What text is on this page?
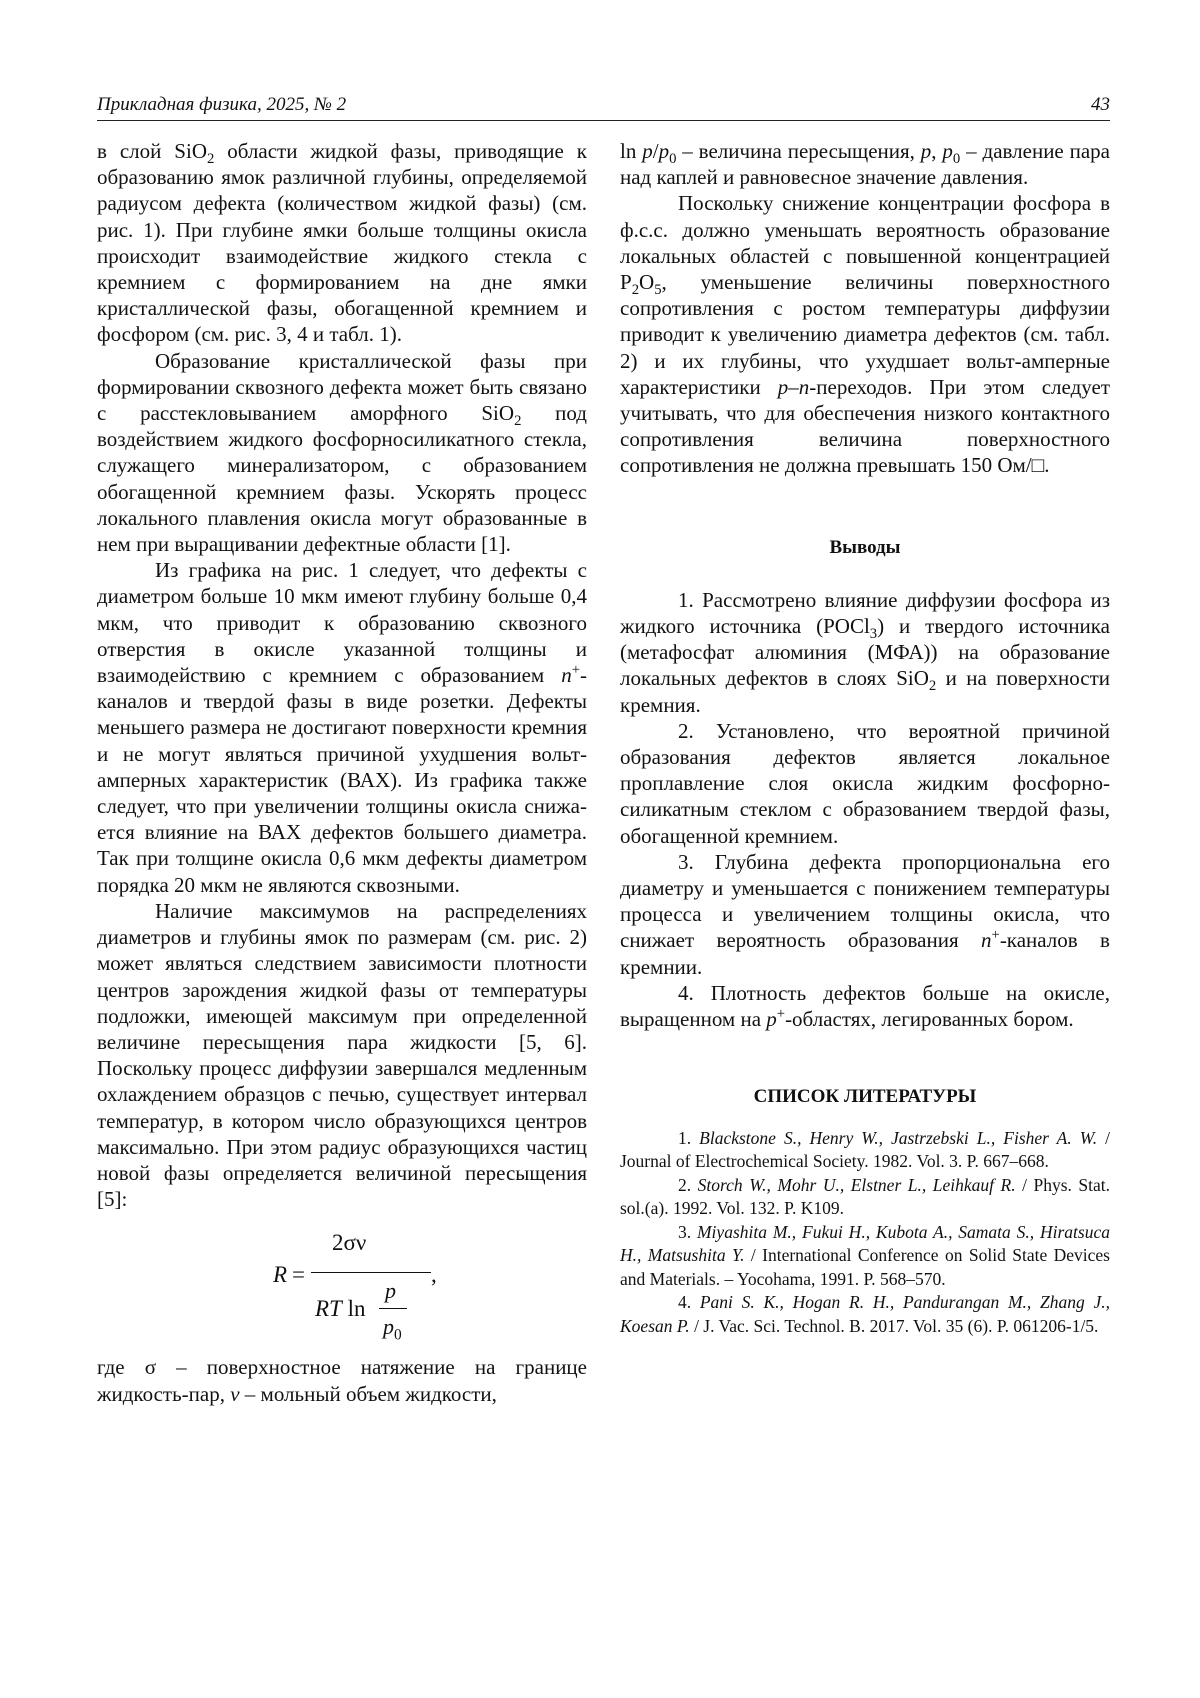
Прикладная физика, 2025, № 2	43

в слой SiO$_2$ области жидкой фазы, приводящие к образованию ямок различной глубины, определяемой радиусом дефекта (количеством жидкой фазы) (см. рис. 1). При глубине ямки больше толщины окисла происходит взаимодействие жидкого стекла с кремнием с формированием на дне ямки кристаллической фазы, обогащенной кремнием и фосфором (см. рис. 3, 4 и табл. 1).

Образование кристаллической фазы при формировании сквозного дефекта может быть связано с расстекловыванием аморфного SiO$_2$ под воздействием жидкого фосфорносиликатного стекла, служащего минерализатором, с образованием обогащенной кремнием фазы. Ускорять процесс локального плавления окисла могут образованные в нем при выращивании дефектные области [1].

Из графика на рис. 1 следует, что дефекты с диаметром больше 10 мкм имеют глубину больше 0,4 мкм, что приводит к образованию сквозного отверстия в окисле указанной толщины и взаимодействию с кремнием с образованием n+-каналов и твердой фазы в виде розетки. Дефекты меньшего размера не достигают поверхности кремния и не могут являться причиной ухудшения вольт-амперных характеристик (ВАХ). Из графика также следует, что при увеличении толщины окисла снижается влияние на ВАХ дефектов большего диаметра. Так при толщине окисла 0,6 мкм дефекты диаметром порядка 20 мкм не являются сквозными.

Наличие максимумов на распределениях диаметров и глубины ямок по размерам (см. рис. 2) может являться следствием зависимости плотности центров зарождения жидкой фазы от температуры подложки, имеющей максимум при определенной величине пересыщения пара жидкости [5, 6]. Поскольку процесс диффузии завершался медленным охлаждением образцов с печью, существует интервал температур, в котором число образующихся центров максимально. При этом радиус образующихся частиц новой фазы определяется величиной пересыщения [5]:

R =
2σν
,
RT ln
p
$p_0$

где σ – поверхностное натяжение на границе жидкость-пар, v – мольный объем жидкости,

$\ln p/p_0$ – величина пересыщения, p, $p_0$ – давление пара над каплей и равновесное значение давления.

Поскольку снижение концентрации фосфора в ф.с.с. должно уменьшать вероятность образование локальных областей с повышенной концентрацией $P_2O_5$, уменьшение величины поверхностного сопротивления с ростом температуры диффузии приводит к увеличению диаметра дефектов (см. табл. 2) и их глубины, что ухудшает вольт-амперные характеристики p–n-переходов. При этом следует учитывать, что для обеспечения низкого контактного сопротивления величина поверхностного сопротивления не должна превышать 150 Ом/□.

Выводы

1. Рассмотрено влияние диффузии фосфора из жидкого источника (POCl$_3$) и твердого источника (метафосфат алюминия (МФА)) на образование локальных дефектов в слоях SiO$_2$ и на поверхности кремния.

2. Установлено, что вероятной причиной образования дефектов является локальное проплавление слоя окисла жидким фосфорносиликатным стеклом с образованием твердой фазы, обогащенной кремнием.

3. Глубина дефекта пропорциональна его диаметру и уменьшается с понижением температуры процесса и увеличением толщины окисла, что снижает вероятность образования n+-каналов в кремнии.

4. Плотность дефектов больше на окисле, выращенном на p+-областях, легированных бором.

СПИСОК ЛИТЕРАТУРЫ

1. Blackstone S., Henry W., Jastrzebski L., Fisher A. W. / Journal of Electrochemical Society. 1982. Vol. 3. P. 667–668.

2. Storch W., Mohr U., Elstner L., Leihkauf R. / Phys. Stat. sol.(a). 1992. Vol. 132. P. K109.

3. Miyashita M., Fukui H., Kubota A., Samata S., Hiratsuca H., Matsushita Y. / International Conference on Solid State Devices and Materials. – Yocohama, 1991. P. 568–570.

4. Pani S. K., Hogan R. H., Pandurangan M., Zhang J., Koesan P. / J. Vac. Sci. Technol. B. 2017. Vol. 35 (6). P. 061206-1/5.
